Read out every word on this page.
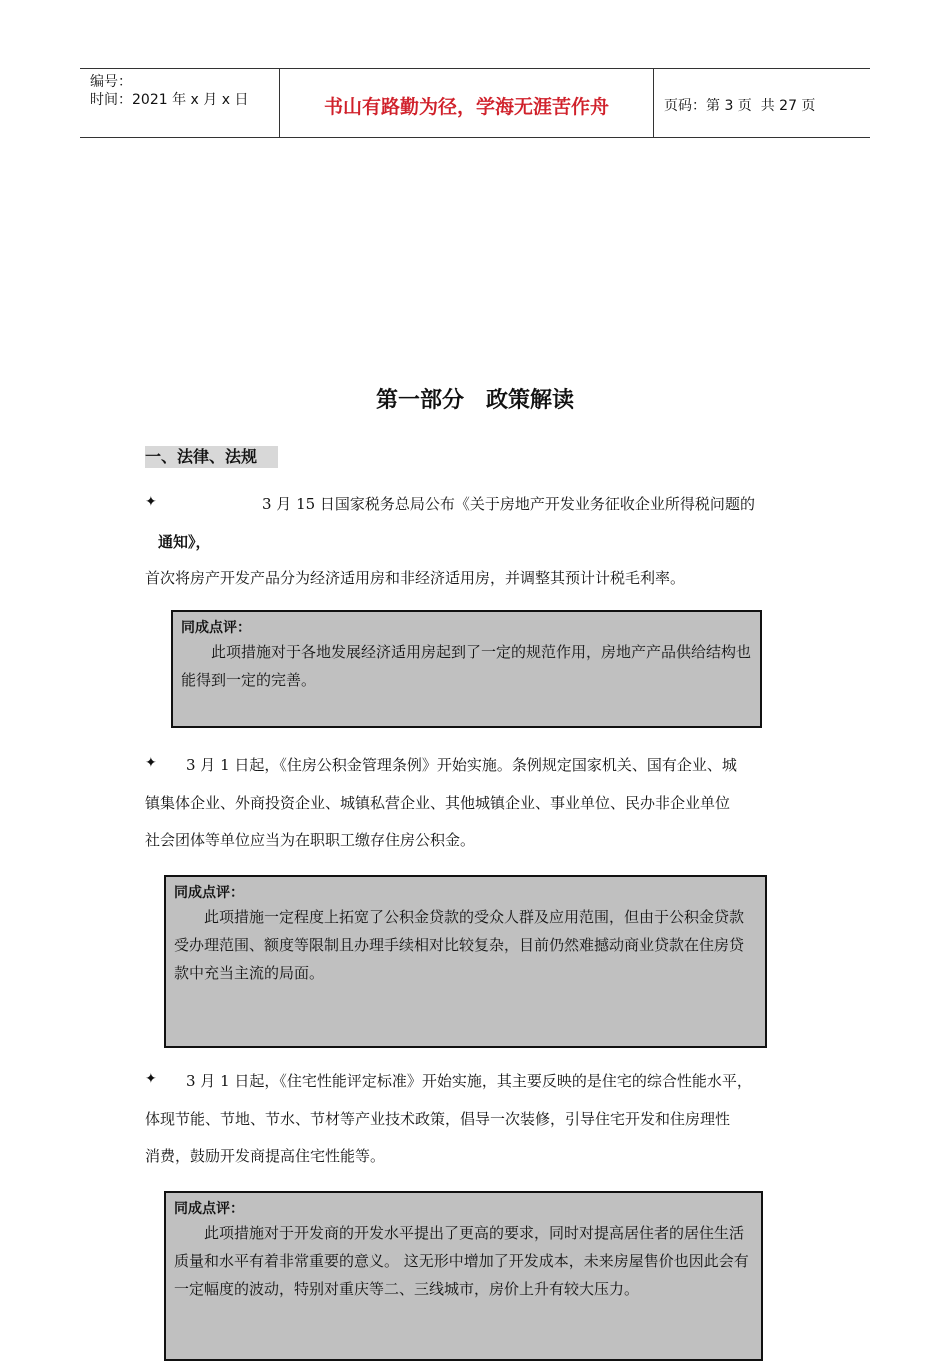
编号：
时间：2021 年 x 月 x 日	书山有路勤为径，学海无涯苦作舟	页码：第 3 页  共 27 页
第一部分　政策解读
一、法律、法规
✦	3 月 15 日国家税务总局公布《关于房地产开发业务征收企业所得税问题的
通知》，
首次将房产开发产品分为经济适用房和非经济适用房，并调整其预计计税毛利率。
同成点评：
此项措施对于各地发展经济适用房起到了一定的规范作用，房地产产品供给结构也能得到一定的完善。
✦ 3 月 1 日起，《住房公积金管理条例》开始实施。条例规定国家机关、国有企业、城
镇集体企业、外商投资企业、城镇私营企业、其他城镇企业、事业单位、民办非企业单位
社会团体等单位应当为在职职工缴存住房公积金。
同成点评：
此项措施一定程度上拓宽了公积金贷款的受众人群及应用范围，但由于公积金贷款受办理范围、额度等限制且办理手续相对比较复杂，目前仍然难撼动商业贷款在住房贷款中充当主流的局面。
✦ 3 月 1 日起，《住宅性能评定标准》开始实施，其主要反映的是住宅的综合性能水平，
体现节能、节地、节水、节材等产业技术政策，倡导一次装修，引导住宅开发和住房理性
消费，鼓励开发商提高住宅性能等。
同成点评：
此项措施对于开发商的开发水平提出了更高的要求，同时对提高居住者的居住生活质量和水平有着非常重要的意义。 这无形中增加了开发成本，未来房屋售价也因此会有一定幅度的波动，特别对重庆等二、三线城市，房价上升有较大压力。
